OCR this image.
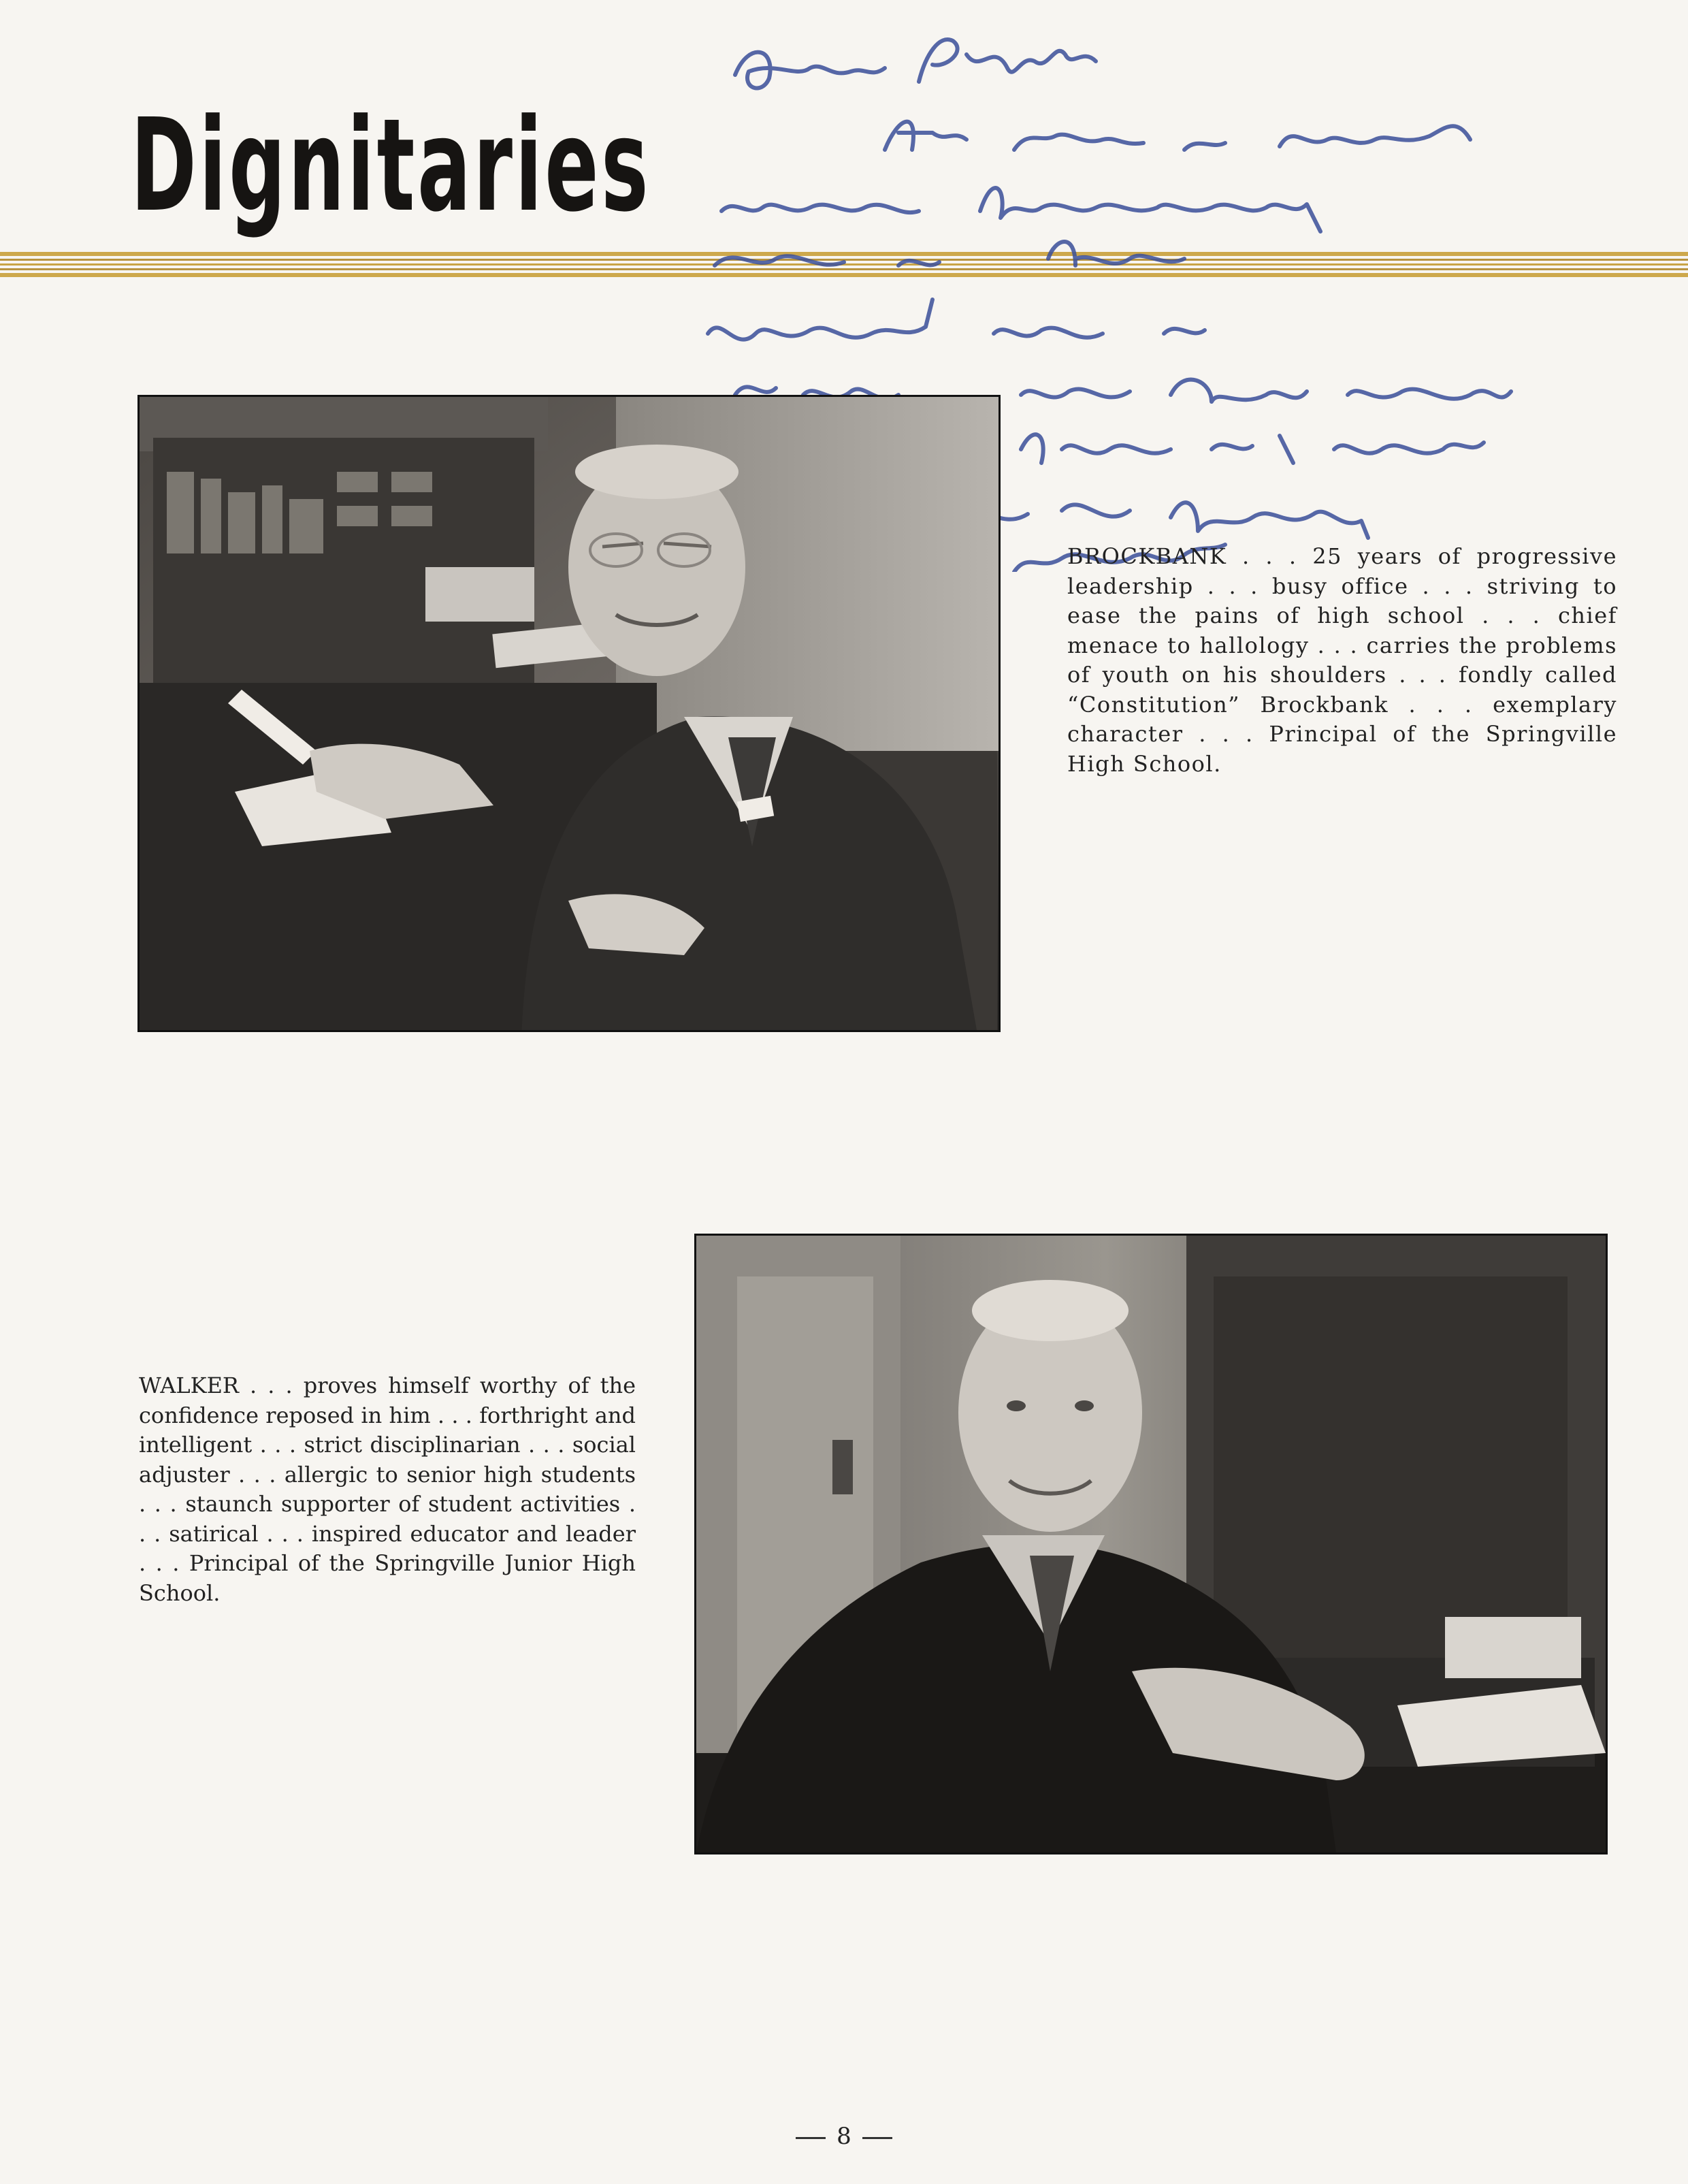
Dignitaries

BROCKBANK . . . 25 years of progressive leadership . . . busy office . . . striving to ease the pains of high school . . . chief menace to hallology . . . carries the problems of youth on his shoulders . . . fondly called “Constitution” Brockbank . . . exemplary character . . . Principal of the Springville High School.

WALKER . . . proves himself worthy of the confidence reposed in him . . . forthright and intelligent . . . strict disciplinarian . . . social adjuster . . . allergic to senior high students . . . staunch supporter of student activities . . . satirical . . . inspired educator and leader . . . Principal of the Springville Junior High School.

8
